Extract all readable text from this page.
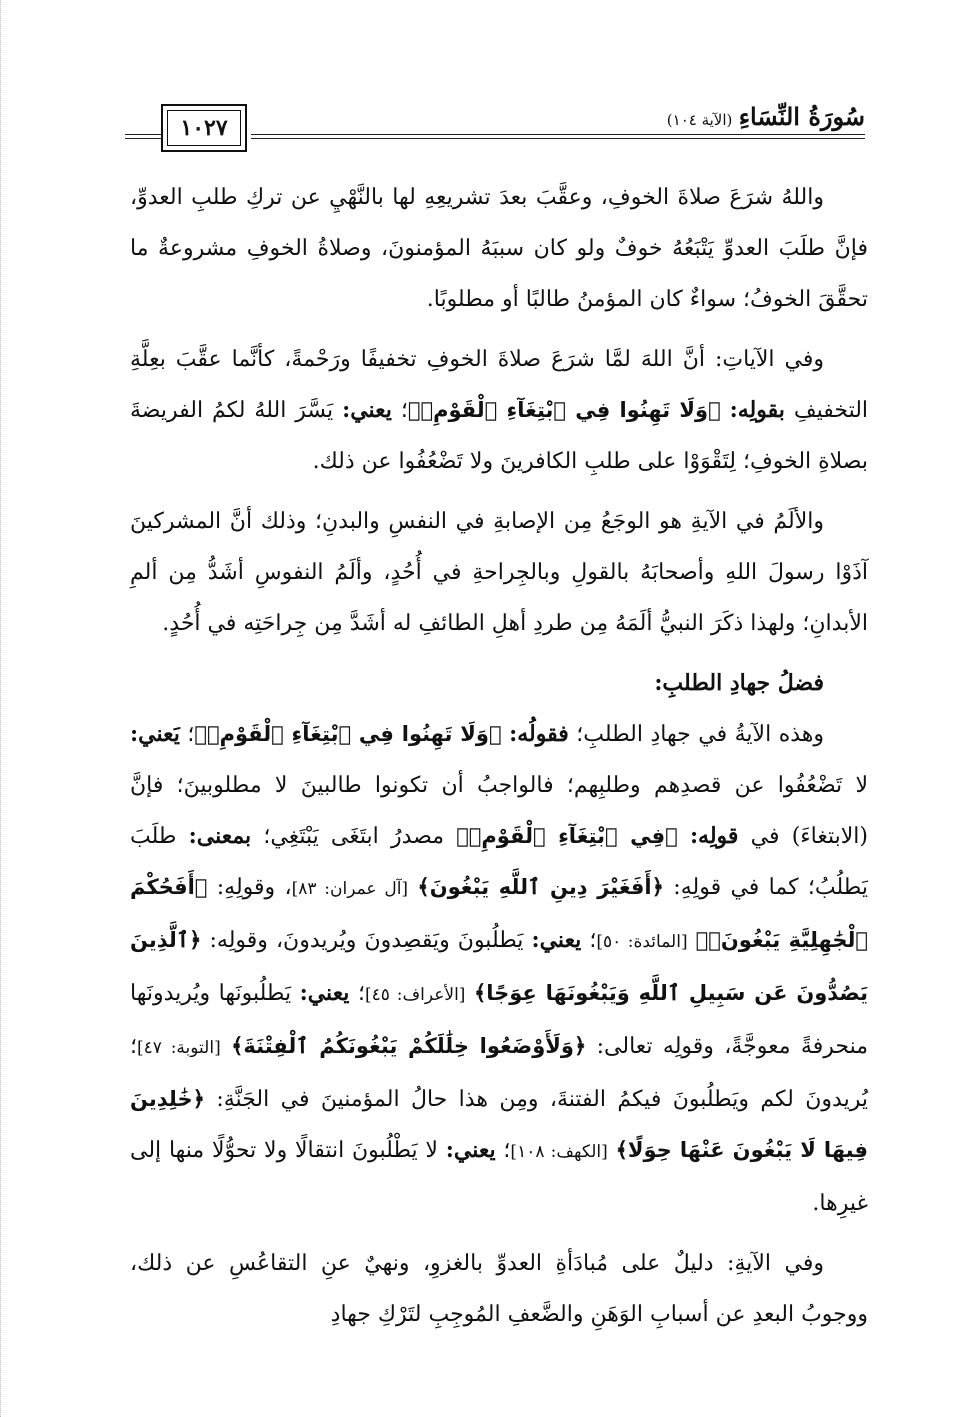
١٠٢٧	سُورَةُ النِّسَاءِ (الآية ١٠٤)

واللهُ شرَعَ صلاةَ الخوفِ، وعقَّبَ بعدَ تشريعِهِ لها بالنَّهْيِ عن تركِ طلبِ العدوِّ، فإنَّ طلَبَ العدوِّ يَتْبَعُهُ خوفٌ ولو كان سببَهُ المؤمنونَ، وصلاةُ الخوفِ مشروعةٌ ما تحقَّقَ الخوفُ؛ سواءٌ كان المؤمنُ طالبًا أو مطلوبًا.

وفي الآياتِ: أنَّ اللهَ لمَّا شرَعَ صلاةَ الخوفِ تخفيفًا ورَحْمةً، كأنَّما عقَّبَ بعِلَّةِ التخفيفِ بقولِه: ﴿وَلَا تَهِنُوا فِي ٱبْتِغَآءِ ٱلْقَوْمِۖ﴾؛ يعني: يَسَّرَ اللهُ لكمُ الفريضةَ بصلاةِ الخوفِ؛ لِتَقْوَوْا على طلبِ الكافرينَ ولا تَضْعُفُوا عن ذلك.

والألَمُ في الآيةِ هو الوجَعُ مِن الإصابةِ في النفسِ والبدنِ؛ وذلك أنَّ المشركينَ آذَوْا رسولَ اللهِ وأصحابَهُ بالقولِ وبالجِراحةِ في أُحُدٍ، وألَمُ النفوسِ أشَدُّ مِن ألمِ الأبدانِ؛ ولهذا ذكَرَ النبيُّ ألَمَهُ مِن طردِ أهلِ الطائفِ له أشَدَّ مِن جِراحَتِه في أُحُدٍ.

فضلُ جهادِ الطلبِ:

وهذه الآيةُ في جهادِ الطلبِ؛ فقولُه: ﴿وَلَا تَهِنُوا فِي ٱبْتِغَآءِ ٱلْقَوْمِۖ﴾؛ يَعني: لا تَضْعُفُوا عن قصدِهم وطلبِهم؛ فالواجبُ أن تكونوا طالبينَ لا مطلوبينَ؛ فإنَّ (الابتغاءَ) في قولِه: ﴿فِي ٱبْتِغَآءِ ٱلْقَوْمِۖ﴾ مصدرُ ابتَغَى يَبْتَغِي؛ بمعنى: طلَبَ يَطلُبُ؛ كما في قولِهِ: ﴿أَفَغَيْرَ دِينِ ٱللَّهِ يَبْغُونَ﴾ [آل عمران: ٨٣]، وقولِهِ: ﴿أَفَحُكْمَ ٱلْجَٰهِلِيَّةِ يَبْغُونَۚ﴾ [المائدة: ٥٠]؛ يعني: يَطلُبونَ ويَقصِدونَ ويُريدونَ، وقولِه: ﴿ٱلَّذِينَ يَصُدُّونَ عَن سَبِيلِ ٱللَّهِ وَيَبْغُونَهَا عِوَجًا﴾ [الأعراف: ٤٥]؛ يعني: يَطلُبونَها ويُريدونَها منحرفةً معوجَّةً، وقولِه تعالى: ﴿وَلَأَوْضَعُوا خِلَٰلَكُمْ يَبْغُونَكُمُ ٱلْفِتْنَةَ﴾ [التوبة: ٤٧]؛ يُريدونَ لكم ويَطلُبونَ فيكمُ الفتنةَ، ومِن هذا حالُ المؤمنينَ في الجَنَّةِ: ﴿خَٰلِدِينَ فِيهَا لَا يَبْغُونَ عَنْهَا حِوَلًا﴾ [الكهف: ١٠٨]؛ يعني: لا يَطْلُبونَ انتقالًا ولا تحوُّلًا منها إلى غيرِها.

وفي الآيةِ: دليلٌ على مُبادَأةِ العدوِّ بالغزوِ، ونهيٌ عنِ التقاعُسِ عن ذلك، ووجوبُ البعدِ عن أسبابِ الوَهَنِ والضَّعفِ المُوجِبِ لتَرْكِ جهادِ
